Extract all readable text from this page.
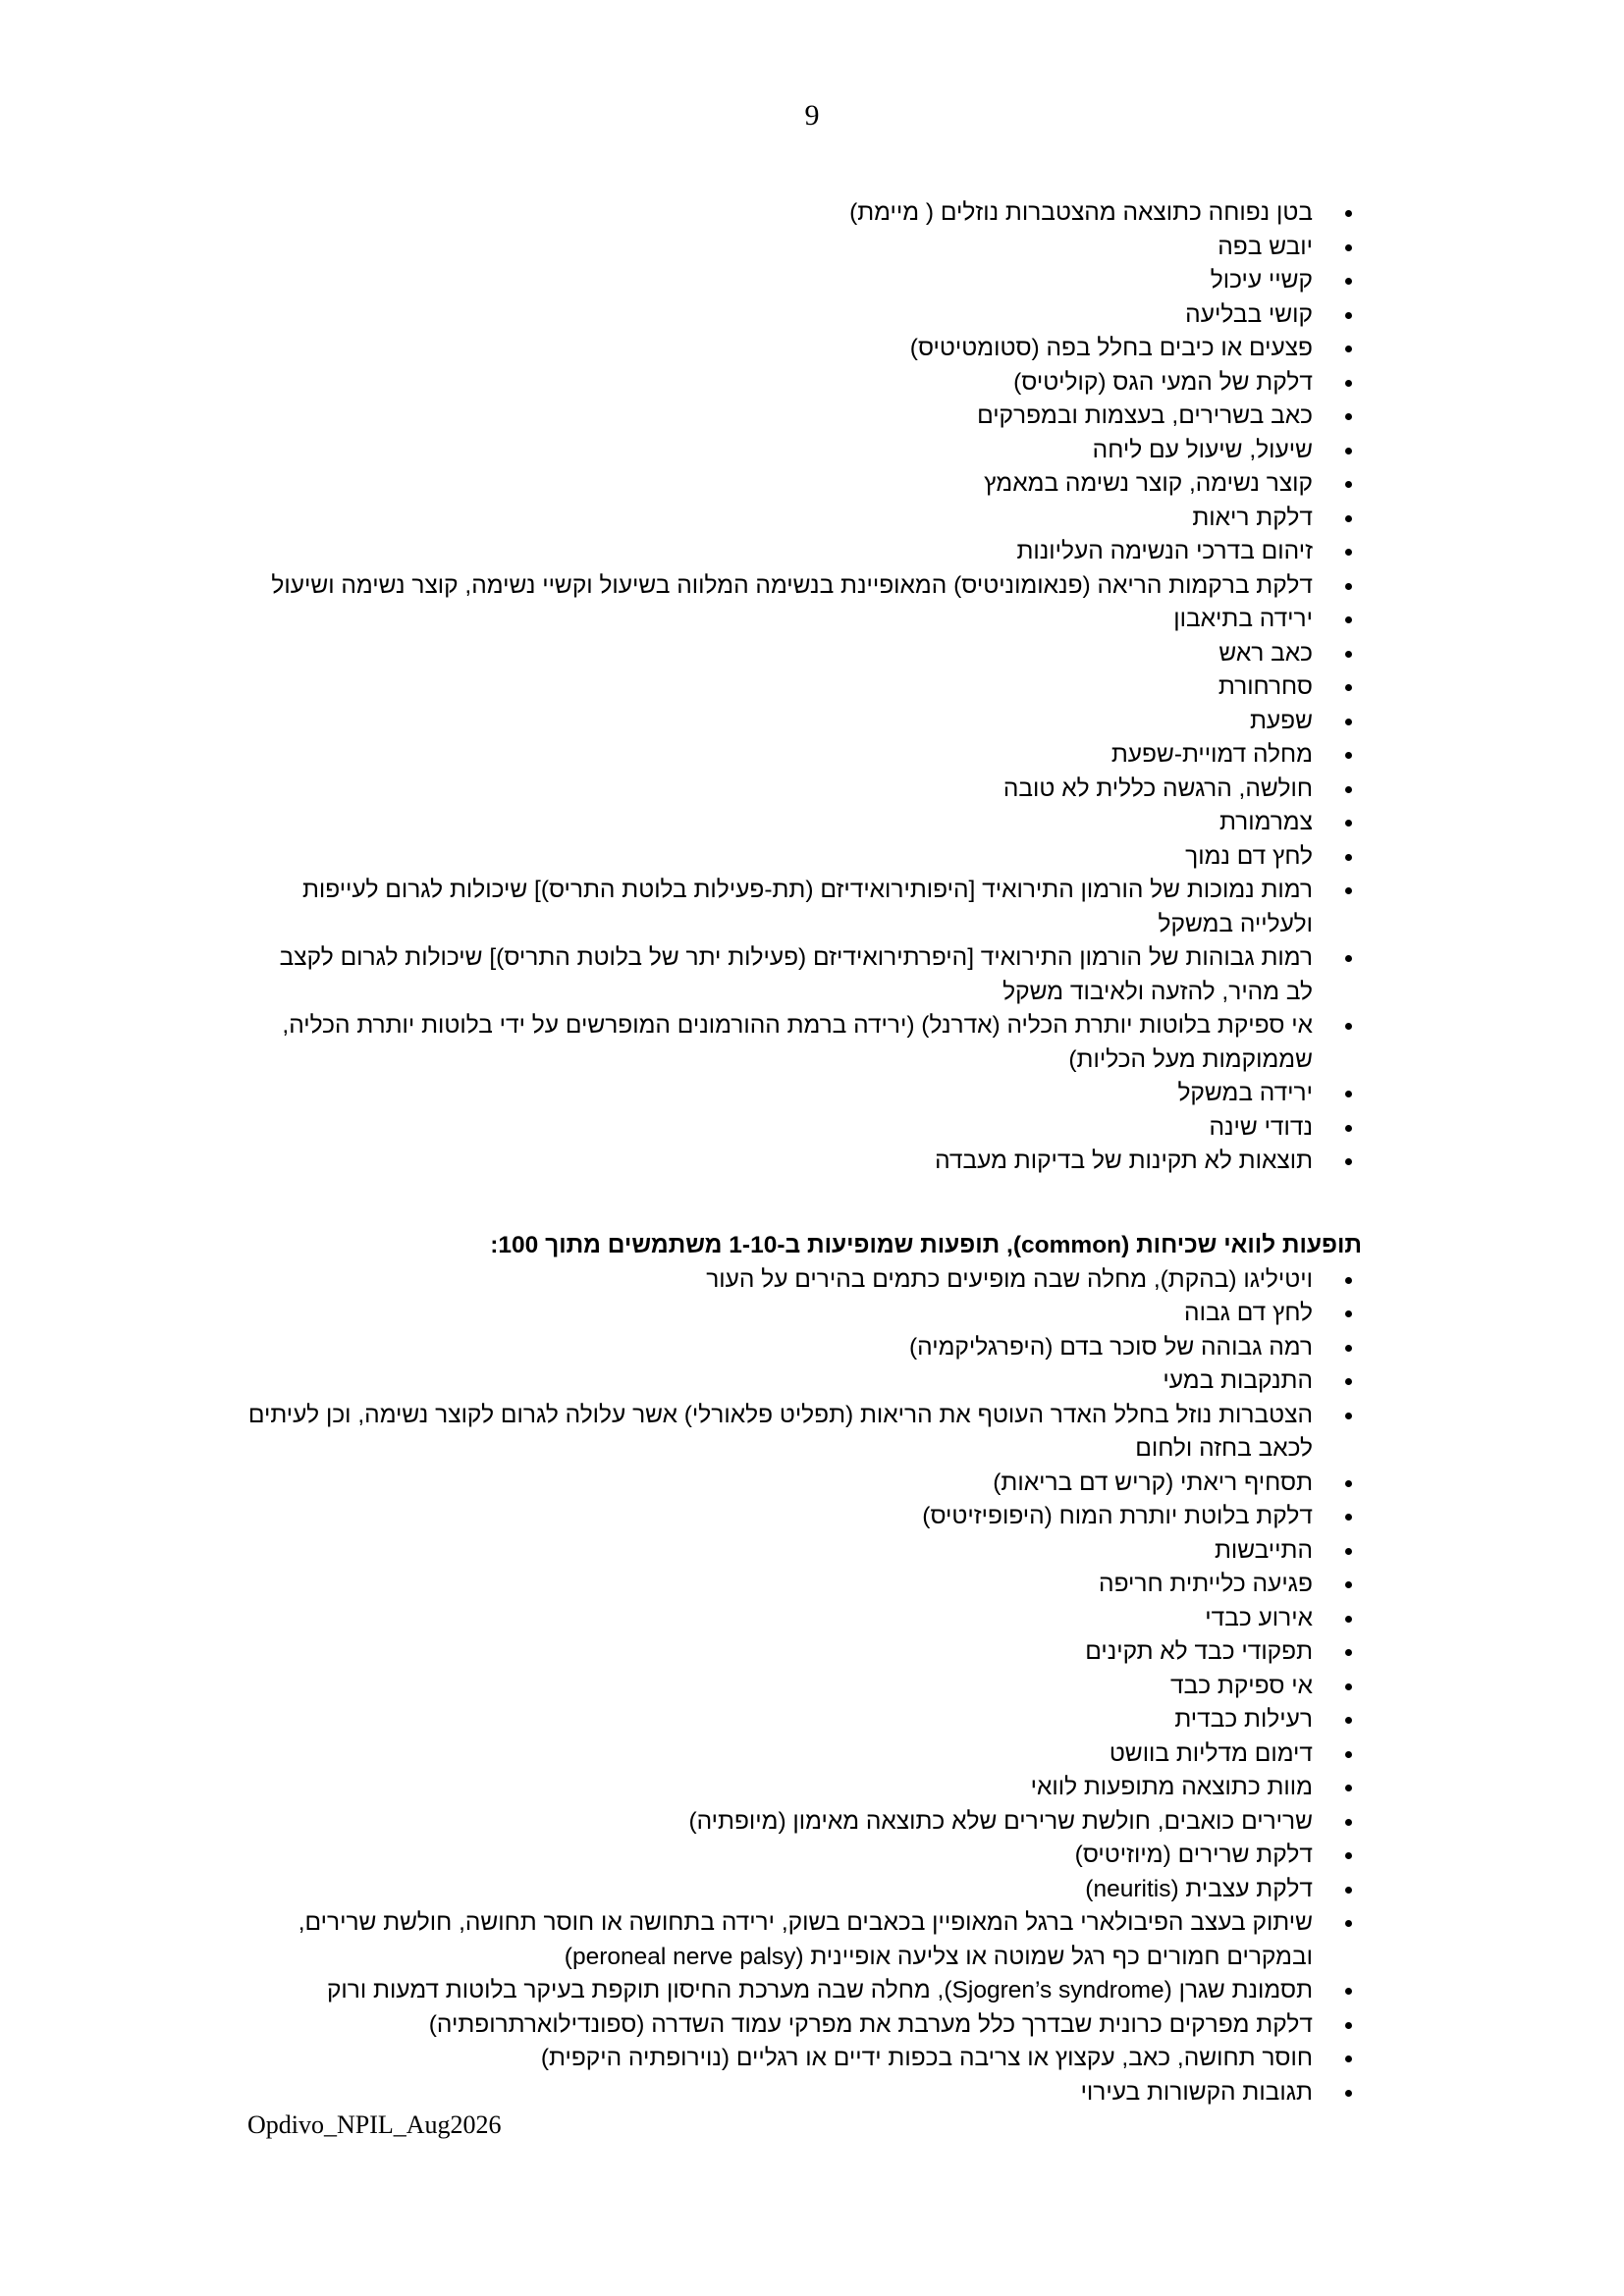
9
בטן נפוחה כתוצאה מהצטברות נוזלים ( מיימת)
יובש בפה
קשיי עיכול
קושי בבליעה
פצעים או כיבים בחלל בפה (סטומטיטיס)
דלקת של המעי הגס (קוליטיס)
כאב בשרירים, בעצמות ובמפרקים
שיעול, שיעול עם ליחה
קוצר נשימה, קוצר נשימה במאמץ
דלקת ריאות
זיהום בדרכי הנשימה העליונות
דלקת ברקמות הריאה (פנאומוניטיס) המאופיינת בנשימה המלווה בשיעול וקשיי נשימה, קוצר נשימה ושיעול
ירידה בתיאבון
כאב ראש
סחרחורת
שפעת
מחלה דמויית-שפעת
חולשה, הרגשה כללית לא טובה
צמרמורת
לחץ דם נמוך
רמות נמוכות של הורמון התירואיד [היפותירואידיזם (תת-פעילות בלוטת התריס)] שיכולות לגרום לעייפות ולעלייה במשקל
רמות גבוהות של הורמון התירואיד [היפרתירואידיזם (פעילות יתר של בלוטת התריס)] שיכולות לגרום לקצב לב מהיר, להזעה ולאיבוד משקל
אי ספיקת בלוטות יותרת הכליה (אדרנל) (ירידה ברמת ההורמונים המופרשים על ידי בלוטות יותרת הכליה, שממוקמות מעל הכליות)
ירידה במשקל
נדודי שינה
תוצאות לא תקינות של בדיקות מעבדה

תופעות לוואי שכיחות (common), תופעות שמופיעות ב-1-10 משתמשים מתוך 100:

ויטיליגו (בהקת), מחלה שבה מופיעים כתמים בהירים על העור
לחץ דם גבוה
רמה גבוהה של סוכר בדם (היפרגליקמיה)
התנקבות במעי
הצטברות נוזל בחלל האדר העוטף את הריאות (תפליט פלאורלי) אשר עלולה לגרום לקוצר נשימה, וכן לעיתים לכאב בחזה ולחום
תסחיף ריאתי (קריש דם בריאות)
דלקת בלוטת יותרת המוח (היפופיזיטיס)
התייבשות
פגיעה כלייתית חריפה
אירוע כבדי
תפקודי כבד לא תקינים
אי ספיקת כבד
רעילות כבדית
דימום מדליות בוושט
מוות כתוצאה מתופעות לוואי
שרירים כואבים, חולשת שרירים שלא כתוצאה מאימון (מיופתיה)
דלקת שרירים (מיוזיטיס)
דלקת עצבית (neuritis)
שיתוק בעצב הפיבולארי ברגל המאופיין בכאבים בשוק, ירידה בתחושה או חוסר תחושה, חולשת שרירים, ובמקרים חמורים כף רגל שמוטה או צליעה אופיינית (peroneal nerve palsy)
תסמונת שגרן (Sjogren’s syndrome), מחלה שבה מערכת החיסון תוקפת בעיקר בלוטות דמעות ורוק
דלקת מפרקים כרונית שבדרך כלל מערבת את מפרקי עמוד השדרה (ספונדילוארתרופתיה)
חוסר תחושה, כאב, עקצוץ או צריבה בכפות ידיים או רגליים (נוירופתיה היקפית)
תגובות הקשורות בעירוי
Opdivo_NPIL_Aug2026
